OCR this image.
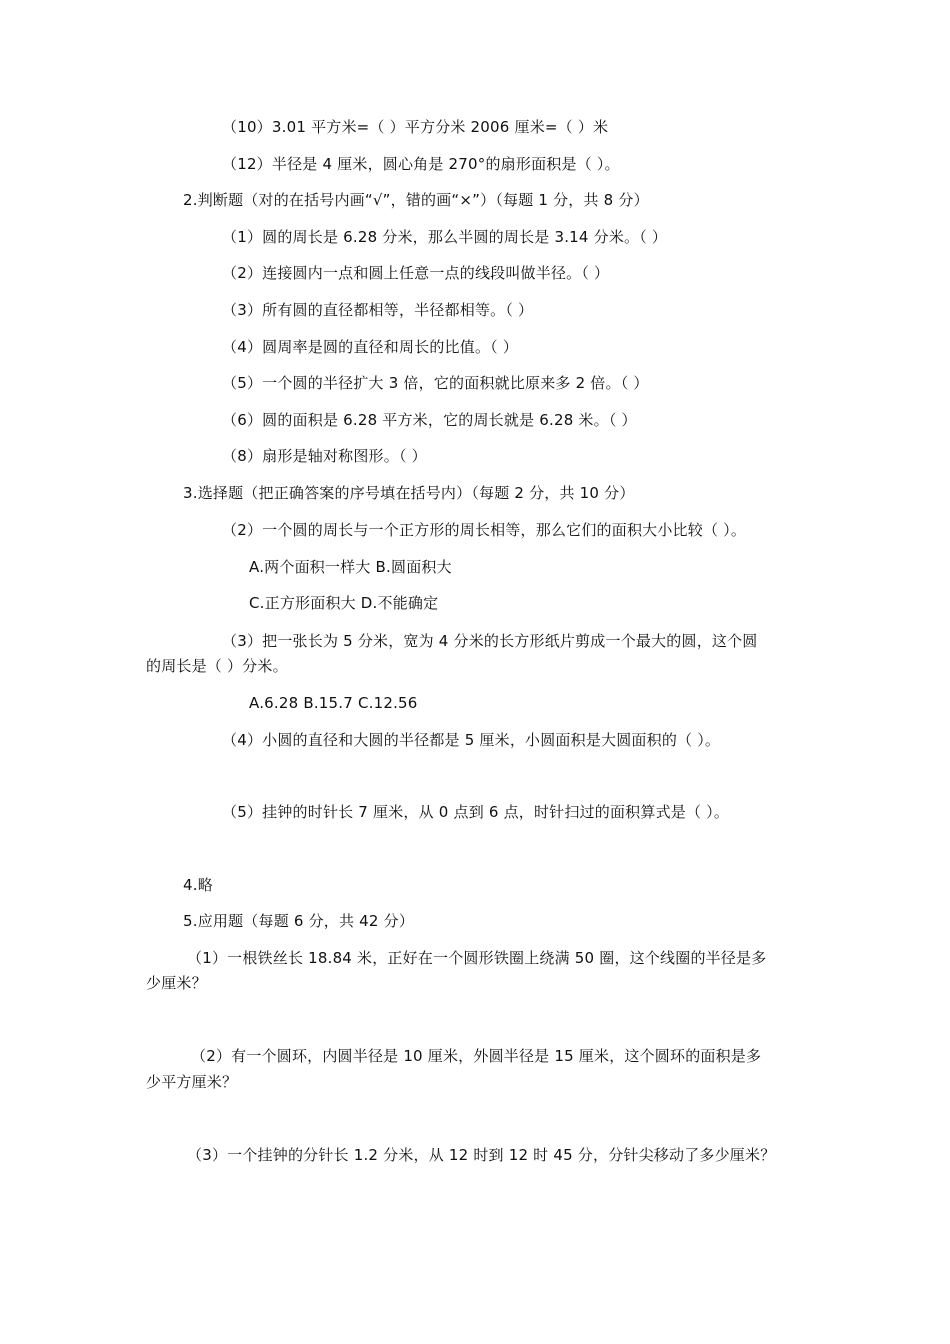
（10）3.01 平方米=（ ）平方分米 2006 厘米=（ ）米
（12）半径是 4 厘米，圆心角是 270°的扇形面积是（ ）。
2.判断题（对的在括号内画“√”，错的画“×”）（每题 1 分，共 8 分）
（1）圆的周长是 6.28 分米，那么半圆的周长是 3.14 分米。（ ）
（2）连接圆内一点和圆上任意一点的线段叫做半径。（ ）
（3）所有圆的直径都相等，半径都相等。（ ）
（4）圆周率是圆的直径和周长的比值。（ ）
（5）一个圆的半径扩大 3 倍，它的面积就比原来多 2 倍。（ ）
（6）圆的面积是 6.28 平方米，它的周长就是 6.28 米。（ ）
（8）扇形是轴对称图形。（ ）
3.选择题（把正确答案的序号填在括号内）（每题 2 分，共 10 分）
（2）一个圆的周长与一个正方形的周长相等，那么它们的面积大小比较（ ）。
A.两个面积一样大 B.圆面积大
C.正方形面积大 D.不能确定
（3）把一张长为 5 分米，宽为 4 分米的长方形纸片剪成一个最大的圆，这个圆
的周长是（ ）分米。
A.6.28 B.15.7 C.12.56
（4）小圆的直径和大圆的半径都是 5 厘米，小圆面积是大圆面积的（ ）。
（5）挂钟的时针长 7 厘米，从 0 点到 6 点，时针扫过的面积算式是（ ）。
4.略
5.应用题（每题 6 分，共 42 分）
（1）一根铁丝长 18.84 米，正好在一个圆形铁圈上绕满 50 圈，这个线圈的半径是多
少厘米？
（2）有一个圆环，内圆半径是 10 厘米，外圆半径是 15 厘米，这个圆环的面积是多
少平方厘米？
（3）一个挂钟的分针长 1.2 分米，从 12 时到 12 时 45 分，分针尖移动了多少厘米？
